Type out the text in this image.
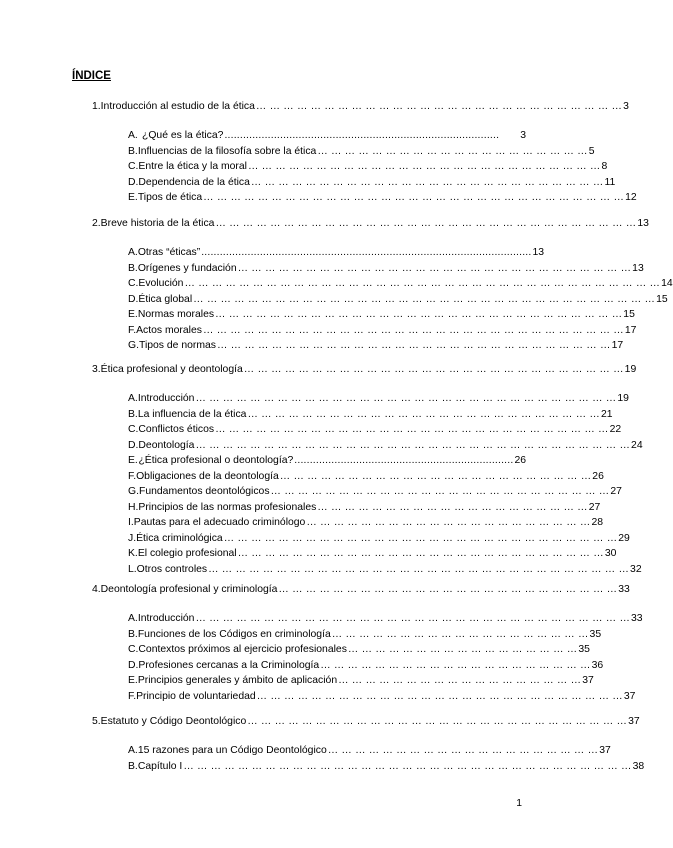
ÍNDICE
1. Introducción al estudio de la ética … … … … … … … … … … … … … … … … … … … … … … … … … … … 3
A. ¿Qué es la ética? .........................................................................................	3
B. Influencias de la filosofía sobre la ética … … … … … … … … … … … … … … … … … … … … 5
C. Entre la ética y la moral … … … … … … … … … … … … … … … … … … … … … … … … … … 8
D. Dependencia de la ética … … … … … … … … … … … … … … … … … … … … … … … … … … 11
E. Tipos de ética … … … … … … … … … … … … … … … … … … … … … … … … … … … … … … … 12
2. Breve historia de la ética … … … … … … … … … … … … … … … … … … … … … … … … … … … … … … … 13
A. Otras “éticas” ........................................................................................................... 13
B. Orígenes y fundación … … … … … … … … … … … … … … … … … … … … … … … … … … … … … 13
C. Evolución … … … … … … … … … … … … … … … … … … … … … … … … … … … … … … … … … … … 14
D. Ética global … … … … … … … … … … … … … … … … … … … … … … … … … … … … … … … … … … 15
E. Normas morales … … … … … … … … … … … … … … … … … … … … … … … … … … … … … … 15
F. Actos morales … … … … … … … … … … … … … … … … … … … … … … … … … … … … … … … 17
G. Tipos de normas … … … … … … … … … … … … … … … … … … … … … … … … … … … … … 17
3. Ética profesional y deontología … … … … … … … … … … … … … … … … … … … … … … … … … … … … 19
A. Introducción … … … … … … … … … … … … … … … … … … … … … … … … … … … … … … … 19
B. La influencia de la ética … … … … … … … … … … … … … … … … … … … … … … … … … … 21
C. Conflictos éticos … … … … … … … … … … … … … … … … … … … … … … … … … … … … … 22
D. Deontología … … … … … … … … … … … … … … … … … … … … … … … … … … … … … … … … 24
E. ¿Ética profesional o deontología? ....................................................................... 26
F. Obligaciones de la deontología … … … … … … … … … … … … … … … … … … … … … … … 26
G. Fundamentos deontológicos … … … … … … … … … … … … … … … … … … … … … … … … … 27
H. Principios de las normas profesionales … … … … … … … … … … … … … … … … … … … … 27
I. Pautas para el adecuado criminólogo … … … … … … … … … … … … … … … … … … … … … 28
J. Ética criminológica … … … … … … … … … … … … … … … … … … … … … … … … … … … … … 29
K. El colegio profesional … … … … … … … … … … … … … … … … … … … … … … … … … … … 30
L. Otros controles … … … … … … … … … … … … … … … … … … … … … … … … … … … … … … … 32
4. Deontología profesional y criminología … … … … … … … … … … … … … … … … … … … … … … … … … 33
A. Introducción … … … … … … … … … … … … … … … … … … … … … … … … … … … … … … … … 33
B. Funciones de los Códigos en criminología … … … … … … … … … … … … … … … … … … … 35
C. Contextos próximos al ejercicio profesionales … … … … … … … … … … … … … … … … … 35
D. Profesiones cercanas a la Criminología … … … … … … … … … … … … … … … … … … … … 36
E. Principios generales y ámbito de aplicación … … … … … … … … … … … … … … … … … … 37
F. Principio de voluntariedad … … … … … … … … … … … … … … … … … … … … … … … … … … … 37
5. Estatuto y Código Deontológico … … … … … … … … … … … … … … … … … … … … … … … … … … … … 37
A. 15 razones para un Código Deontológico … … … … … … … … … … … … … … … … … … … … 37
B. Capítulo I … … … … … … … … … … … … … … … … … … … … … … … … … … … … … … … … … 38
1
